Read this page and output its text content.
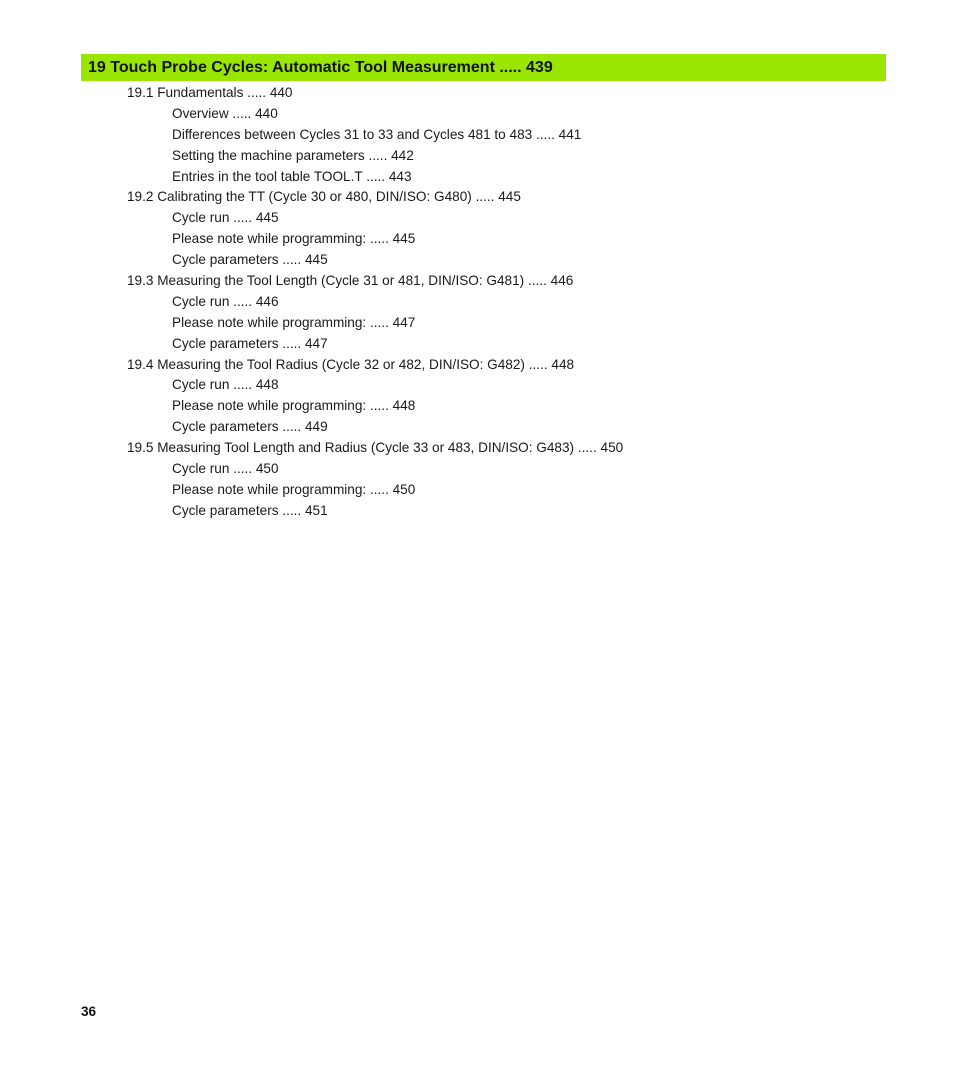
19 Touch Probe Cycles: Automatic Tool Measurement ..... 439
19.1 Fundamentals ..... 440
Overview ..... 440
Differences between Cycles 31 to 33 and Cycles 481 to 483 ..... 441
Setting the machine parameters ..... 442
Entries in the tool table TOOL.T ..... 443
19.2 Calibrating the TT (Cycle 30 or 480, DIN/ISO: G480) ..... 445
Cycle run ..... 445
Please note while programming: ..... 445
Cycle parameters ..... 445
19.3 Measuring the Tool Length (Cycle 31 or 481, DIN/ISO: G481) ..... 446
Cycle run ..... 446
Please note while programming: ..... 447
Cycle parameters ..... 447
19.4 Measuring the Tool Radius (Cycle 32 or 482, DIN/ISO: G482) ..... 448
Cycle run ..... 448
Please note while programming: ..... 448
Cycle parameters ..... 449
19.5 Measuring Tool Length and Radius (Cycle 33 or 483, DIN/ISO: G483) ..... 450
Cycle run ..... 450
Please note while programming: ..... 450
Cycle parameters ..... 451
36
